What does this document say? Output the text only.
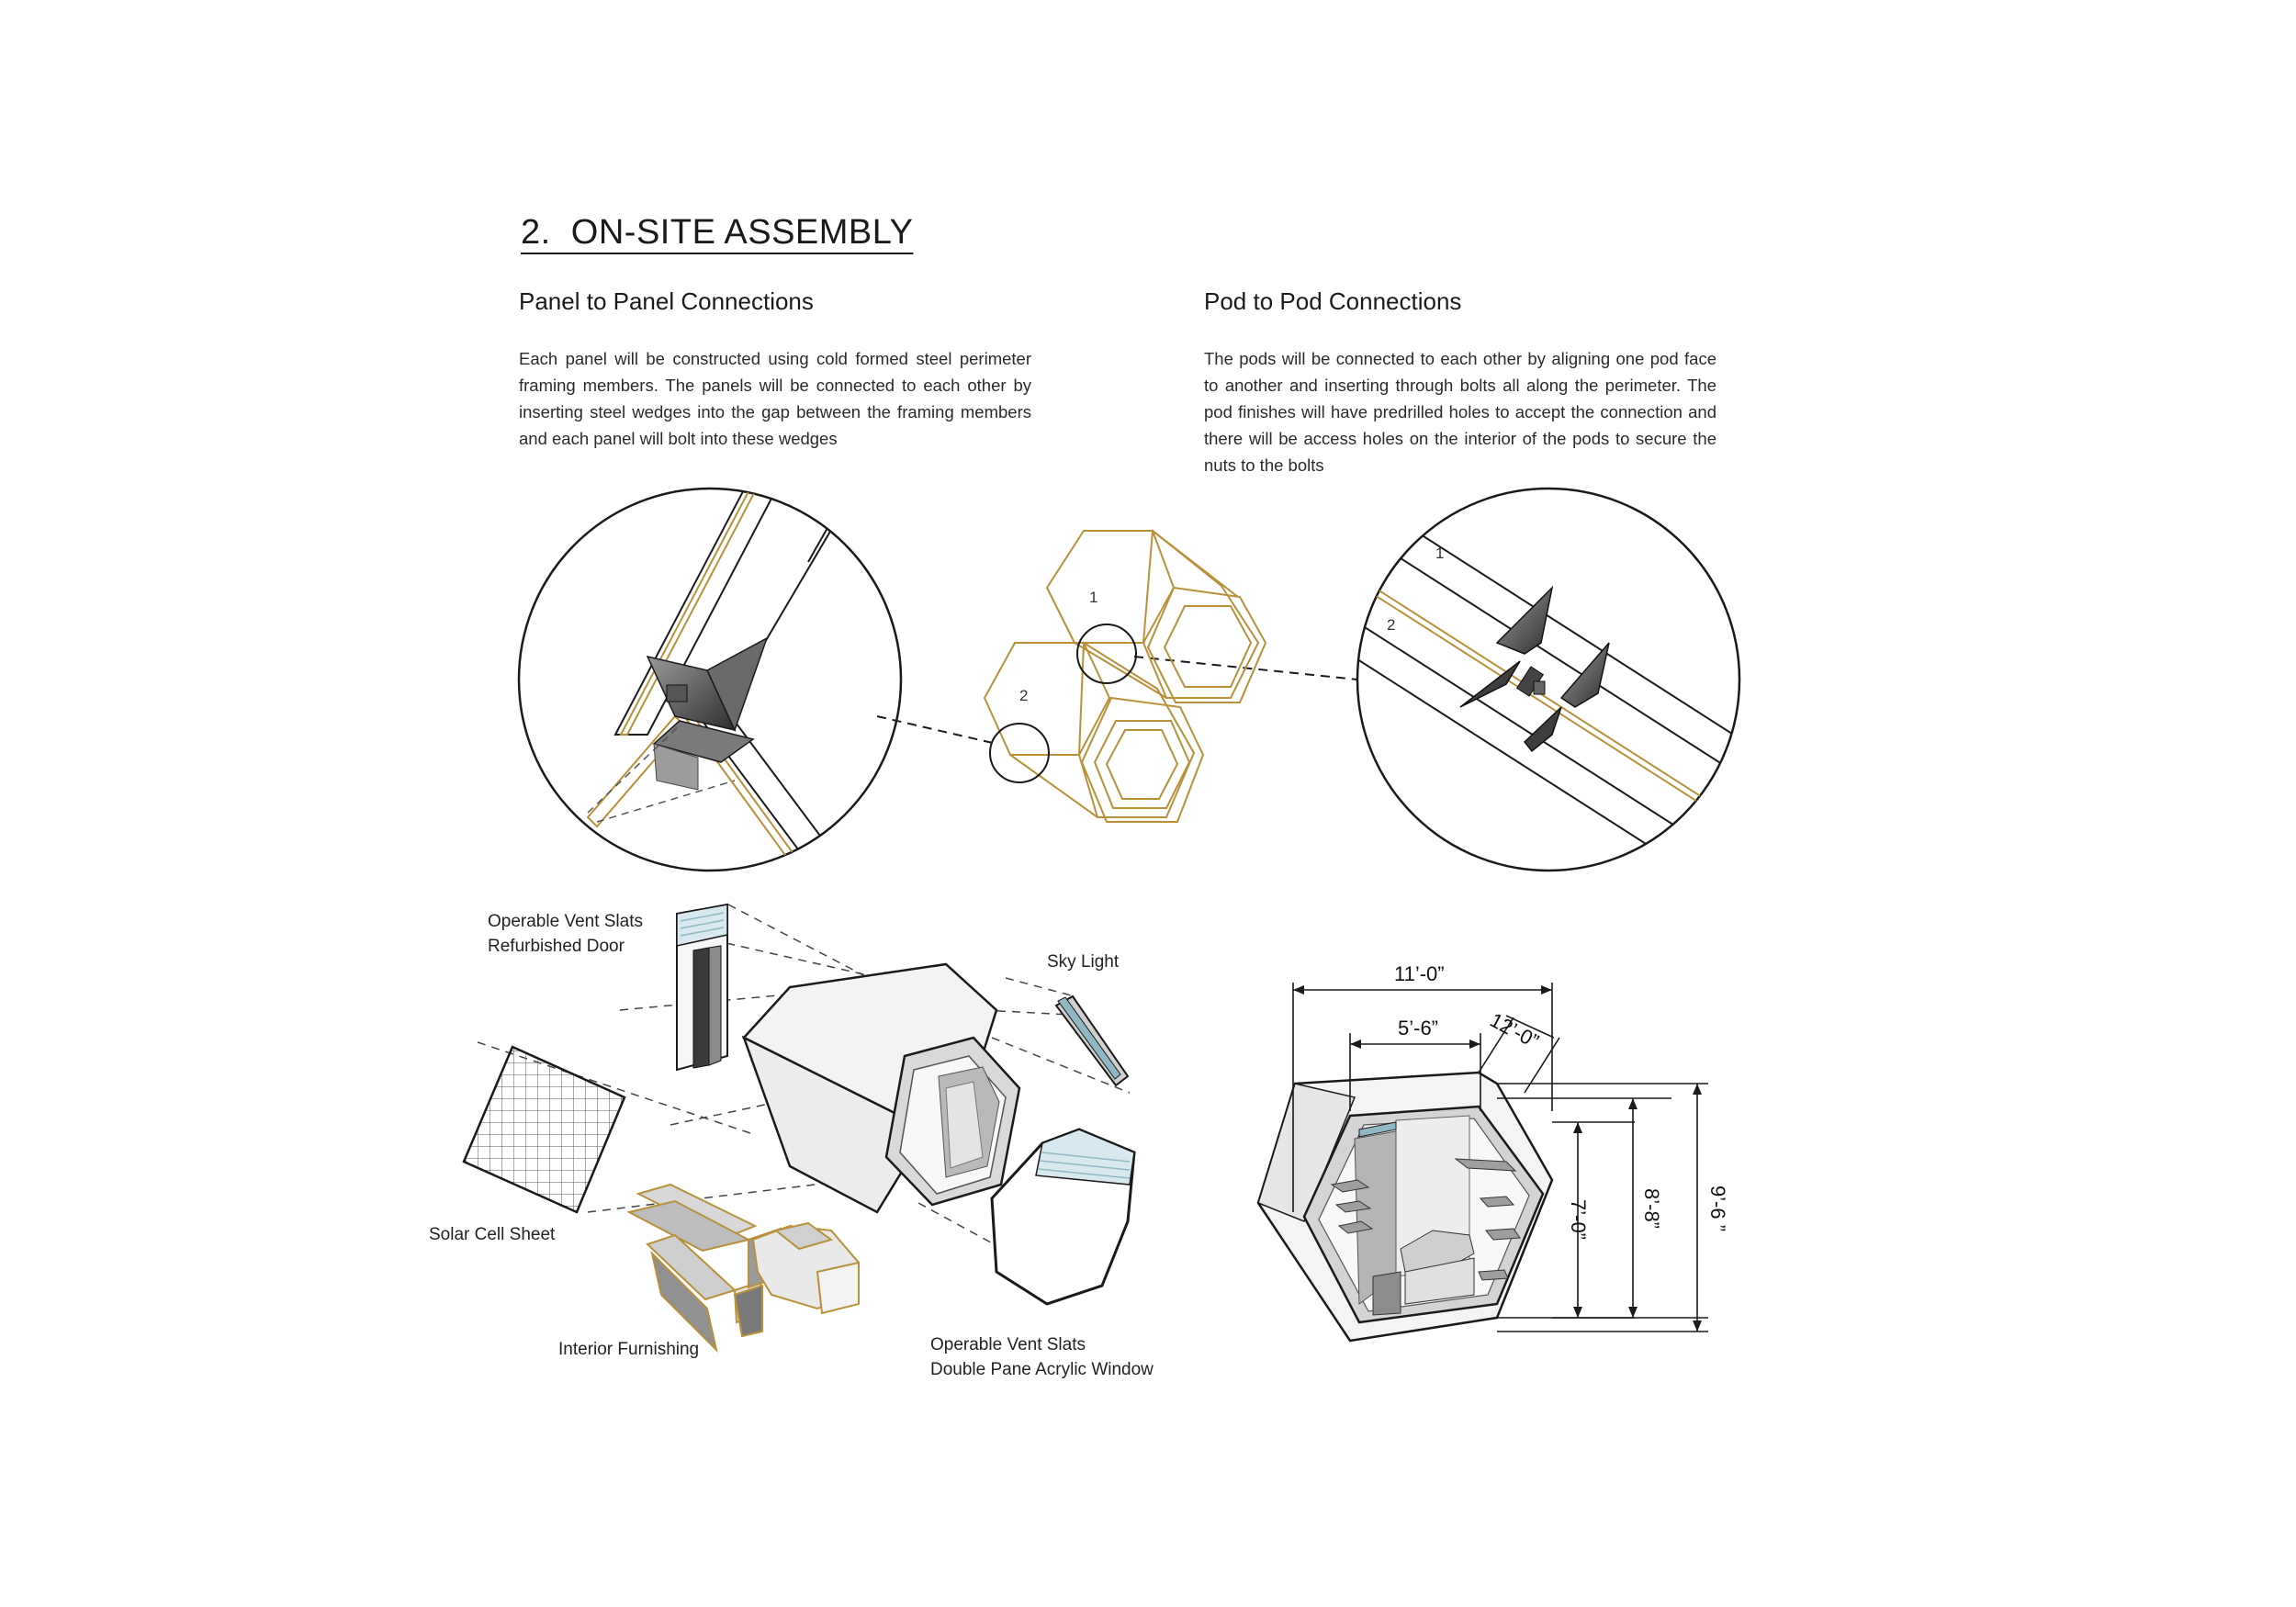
2.  ON-SITE ASSEMBLY
Panel to Panel Connections
Each panel will be constructed using cold formed steel perimeter framing members. The panels will be connected to each other by inserting steel wedges into the gap between the framing members and each panel will bolt into these wedges
Pod to Pod Connections
The pods will be connected to each other by aligning one pod face to another and inserting through bolts all along the perimeter. The pod finishes will have predrilled holes to accept the connection and there will be access holes on the interior of the pods to secure the nuts to the bolts
1
2
1
2
Operable Vent Slats
Refurbished Door
Sky Light
Solar Cell Sheet
Interior Furnishing	Operable Vent Slats
Double Pane Acrylic Window
11’-0”
12’-0”
5’-6”
7’-0”	8’-8” 9’-6 ”
